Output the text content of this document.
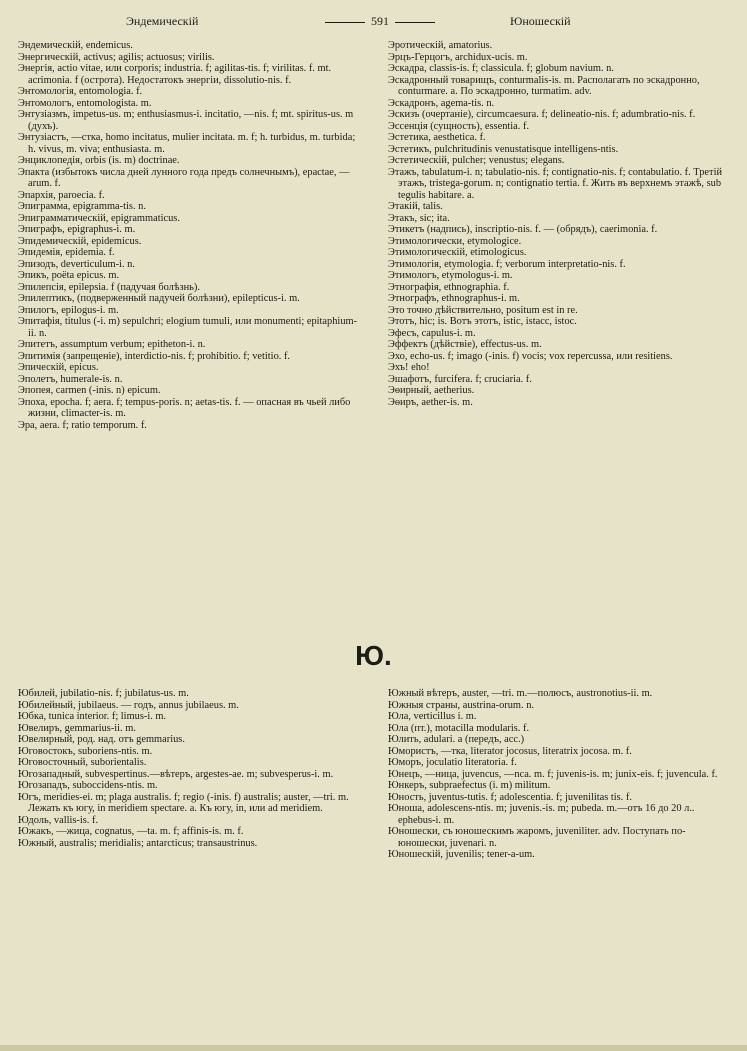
Эндемическій	591	Юношескій

Эндемическій, endemicus.

Энергическій, activus; agilis; actuosus; virilis.

Энергія, actio vitae, или corporis; industria. f; agilitas-tis. f; virilitas. f. mt. acrimonia. f (острота). Недостатокъ энергіи, dissolutio-nis. f.

Энтомологія, entomologia. f.

Энтомологъ, entomologista. m.

Энтузіазмъ, impetus-us. m; enthusiasmus-i. incitatio, —nis. f; mt. spiritus-us. m (духъ).

Энтузіастъ, —стка, homo incitatus, mulier incitata. m. f; h. turbidus, m. turbida; h. vivus, m. viva; enthusiasta. m.

Энциклопедія, orbis (is. m) doctrinae.

Эпакта (избытокъ числа дней лунного года предъ солнечнымъ), epactae, —arum. f.

Эпархія, paroecia. f.

Эпиграмма, epigramma-tis. n.

Эпиграмматическій, epigrammaticus.

Эпиграфъ, epigraphus-i. m.

Эпидемическій, epidemicus.

Эпидемія, epidemia. f.

Эпизодъ, deverticulum-i. n.

Эпикъ, poëta epicus. m.

Эпилепсія, epilepsia. f (падучая болѣзнь).

Эпилептикъ, (подверженный падучей болѣзни), epilepticus-i. m.

Эпилогъ, epilogus-i. m.

Эпитафія, titulus (-i. m) sepulchri; elogium tumuli, или monumenti; epitaphium-ii. n.

Эпитетъ, assumptum verbum; epitheton-i. n.

Эпитимія (запрещеніе), interdictio-nis. f; prohibitio. f; vetitio. f.

Эпическій, epicus.

Эполетъ, humerale-is. n.

Эпопея, carmen (-inis. n) epicum.

Эпоха, epocha. f; aera. f; tempus-poris. n; aetas-tis. f. — опасная въ чьей либо жизни, climacter-is. m.

Эра, aera. f; ratio temporum. f.

Эротическій, amatorius.

Эрцъ-Герцогъ, archidux-ucis. m.

Эскадра, classis-is. f; classicula. f; globum navium. n.

Эскадронный товарищъ, conturmalis-is. m. Располагать по эскадронно, conturmare. a. По эскадронно, turmatim. adv.

Эскадронъ, agema-tis. n.

Эскизъ (очертаніе), circumcaesura. f; delineatio-nis. f; adumbratio-nis. f.

Эссенція (сущность), essentia. f.

Эстетика, aesthetica. f.

Эстетикъ, pulchritudinis venustatisque intelligens-ntis.

Эстетическій, pulcher; venustus; elegans.

Этажъ, tabulatum-i. n; tabulatio-nis. f; contignatio-nis. f; contabulatio. f. Третій этажъ, tristega-gorum. n; contignatio tertia. f. Жить въ верхнемъ этажѣ, sub tegulis habitare. a.

Этакій, talis.

Этакъ, sic; ita.

Этикетъ (надпись), inscriptio-nis. f. — (обрядъ), caerimonia. f.

Этимологически, etymologice.

Этимологическій, etimologicus.

Этимологія, etymologia. f; verborum interpretatio-nis. f.

Этимологъ, etymologus-i. m.

Этнографія, ethnographia. f.

Этнографъ, ethnographus-i. m.

Это точно дѣйствительно, positum est in re.

Этотъ, hic; is. Вотъ этотъ, istic, istacc, istoc.

Эфесъ, capulus-i. m.

Эффектъ (дѣйствіе), effectus-us. m.

Эхо, echo-us. f; imago (-inis. f) vocis; vox repercussa, или resitiens.

Эхъ! eho!

Эшафотъ, furcifera. f; cruciaria. f.

Эѳирный, aetherius.

Эѳиръ, aether-is. m.

Ю.

Юбилей, jubilatio-nis. f; jubilatus-us. m.

Юбилейный, jubilaeus. — годъ, annus jubilaeus. m.

Юбка, tunica interior. f; limus-i. m.

Ювелиръ, gemmarius-ii. m.

Ювелирный, род. над. отъ gemmarius.

Юговостокъ, suboriens-ntis. m.

Юговосточный, suborientalis.

Югозападный, subvespertinus.—вѣтеръ, argestes-ae. m; subvesperus-i. m.

Югозападъ, suboccidens-ntis. m.

Югъ, meridies-ei. m; plaga australis. f; regio (-inis. f) australis; auster, —tri. m. Лежать къ югу, in meridiem spectare. a. Къ югу, in, или ad meridiem.

Юдоль, vallis-is. f.

Южакъ, —жица, cognatus, —ta. m. f; affinis-is. m. f.

Южный, australis; meridialis; antarcticus; transaustrinus.

Южный вѣтеръ, auster, —tri. m.—полюсъ, austronotius-ii. m.

Южныя страны, austrina-orum. n.

Юла, verticillus i. m.

Юла (пт.), motacilla modularis. f.

Юлить, adulari. a (передъ, acc.)

Юмористъ, —тка, literator jocosus, literatrix jocosa. m. f.

Юморъ, joculatio literatoria. f.

Юнецъ, —ница, juvencus, —nca. m. f; juvenis-is. m; junix-eis. f; juvencula. f.

Юнкеръ, subpraefectus (i. m) militum.

Юность, juventus-tutis. f; adolescentia. f; juvenilitas tis. f.

Юноша, adolescens-ntis. m; juvenis.-is. m; pubeda. m.—отъ 16 до 20 л.. ephebus-i. m.

Юношески, съ юношескимъ жаромъ, juveniliter. adv. Поступать по-юношески, juvenari. n.

Юношескій, juvenilis; tener-a-um.
